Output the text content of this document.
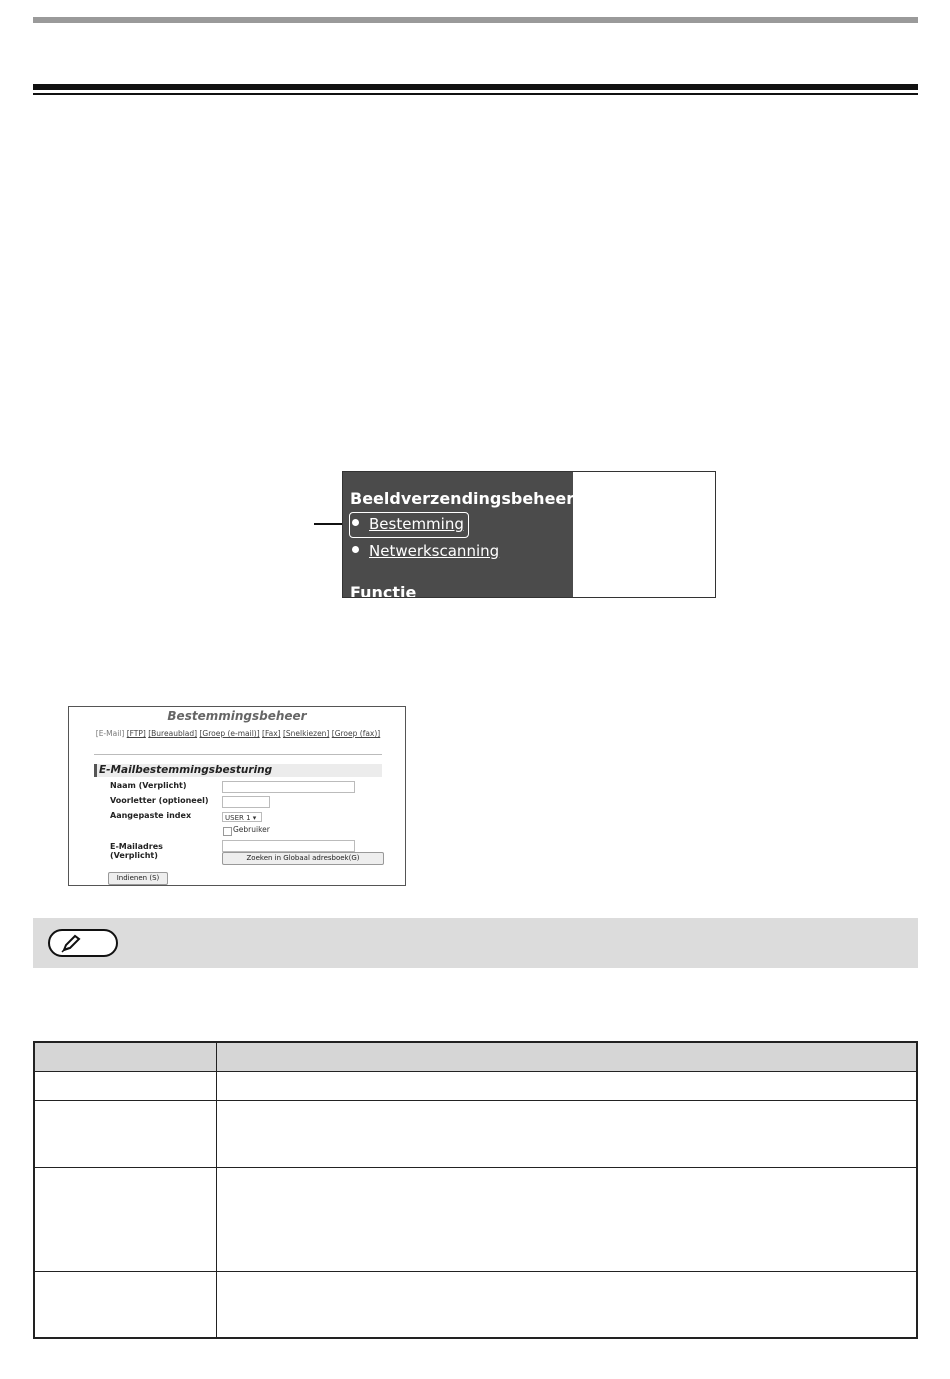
Beeldverzendingsbeheer
Bestemming
Netwerkscanning
Functie
Bestemmingsbeheer
[E-Mail] [FTP] [Bureaublad] [Groep (e-mail)] [Fax] [Snelkiezen] [Groep (fax)]
E-Mailbestemmingsbesturing
Naam (Verplicht)
Voorletter (optioneel)
Aangepaste index	USER 1 ▾
Gebruiker
E-Mailadres
(Verplicht)	Zoeken in Globaal adresboek(G)
Indienen (S)
